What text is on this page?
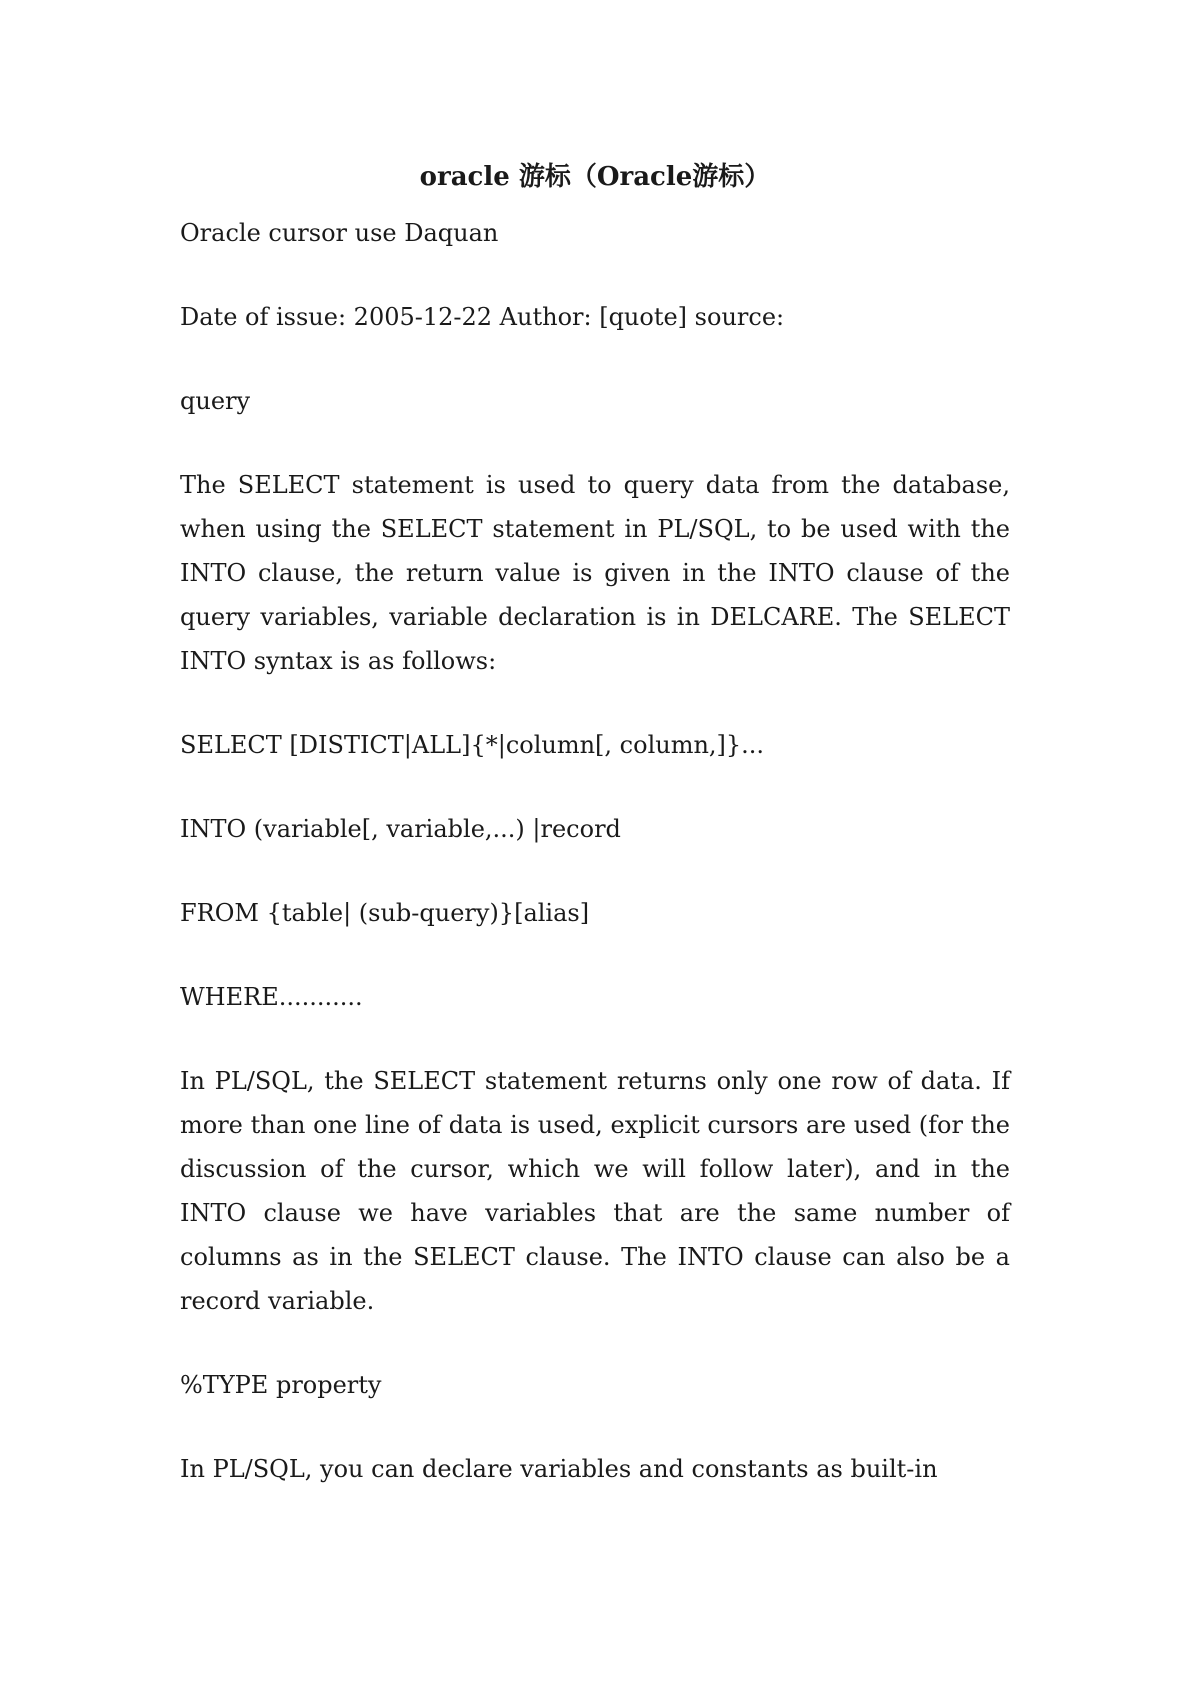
oracle 游标（Oracle游标）

Oracle cursor use Daquan

Date of issue: 2005-12-22 Author: [quote] source:

query

The SELECT statement is used to query data from the database, when using the SELECT statement in PL/SQL, to be used with the INTO clause, the return value is given in the INTO clause of the query variables, variable declaration is in DELCARE. The SELECT INTO syntax is as follows:

SELECT [DISTICT|ALL]{*|column[, column,]}...

INTO (variable[, variable,...) |record

FROM {table| (sub-query)}[alias]

WHERE...........

In PL/SQL, the SELECT statement returns only one row of data. If more than one line of data is used, explicit cursors are used (for the discussion of the cursor, which we will follow later), and in the INTO clause we have variables that are the same number of columns as in the SELECT clause. The INTO clause can also be a record variable.

%TYPE property

In PL/SQL, you can declare variables and constants as built-in
